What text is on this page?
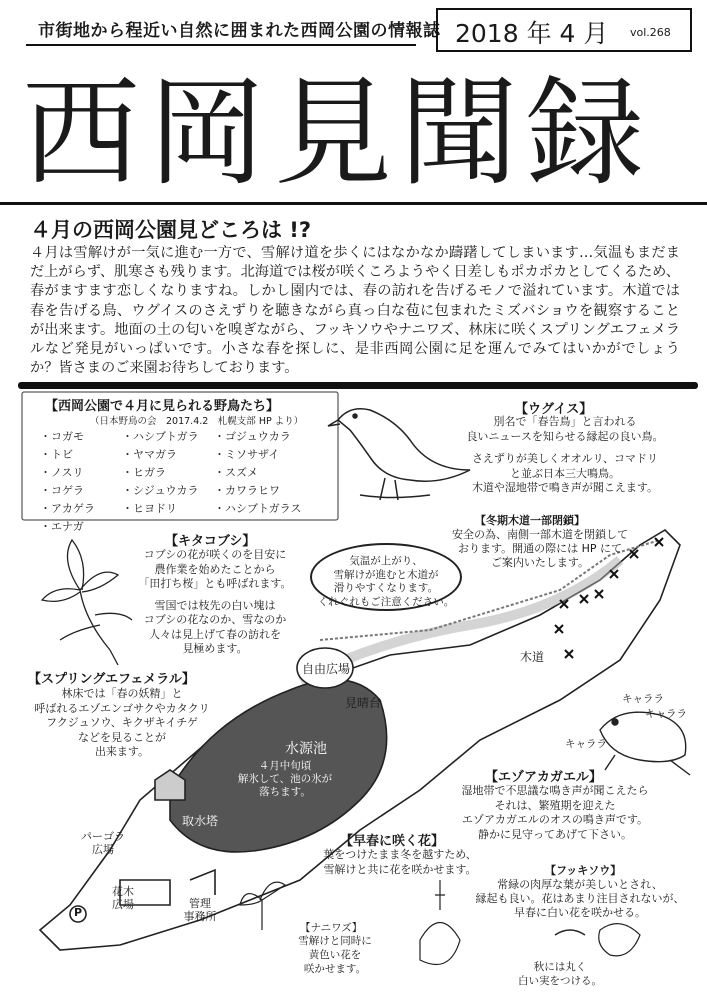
市街地から程近い自然に囲まれた西岡公園の情報誌 2018 年 4 月 vol.268
西岡見聞録
４月の西岡公園見どころは !?
４月は雪解けが一気に進む一方で、雪解け道を歩くにはなかなか躊躇してしまいます…気温もまだまだ上がらず、肌寒さも残ります。北海道では桜が咲くころようやく日差しもポカポカとしてくるため、春がますます恋しくなりますね。しかし園内では、春の訪れを告げるモノで溢れています。木道では春を告げる鳥、ウグイスのさえずりを聴きながら真っ白な苞に包まれたミズバショウを観察することが出来ます。地面の土の匂いを嗅ぎながら、フッキソウやナニワズ、林床に咲くスプリングエフェメラルなど発見がいっぱいです。小さな春を探しに、是非西岡公園に足を運んでみてはいかがでしょうか？皆さまのご来園お待ちしております。
【西岡公園で４月に見られる野鳥たち】
（日本野鳥の会　2017.4.2　札幌支部 HP より）
・コガモ	・ハシブトガラ	・ゴジュウカラ
・トビ	・ヤマガラ	・ミソサザイ
・ノスリ	・ヒガラ	・スズメ
・コゲラ	・シジュウカラ	・カワラヒワ
・アカゲラ	・ヒヨドリ	・ハシブトガラス
・エナガ
【ウグイス】
別名で「春告鳥」と言われる
良いニュースを知らせる縁起の良い鳥。
さえずりが美しくオオルリ、コマドリ
と並ぶ日本三大鳴鳥。
木道や湿地帯で鳴き声が聞こえます。
【冬期木道一部閉鎖】
安全の為、南側一部木道を閉鎖して
おります。開通の際には HP にて
ご案内いたします。
気温が上がり、
雪解けが進むと木道が
滑りやすくなります。
くれぐれもご注意ください。
【キタコブシ】
コブシの花が咲くのを目安に
農作業を始めたことから
「田打ち桜」とも呼ばれます。
雪国では枝先の白い塊は
コブシの花なのか、雪なのか
人々は見上げて春の訪れを
見極めます。
【スプリングエフェメラル】
林床では「春の妖精」と
呼ばれるエゾエンゴサクやカタクリ
フクジュソウ、キクザキイチゲ
などを見ることが
出来ます。
自由広場
見晴台
水源池
４月中旬頃
解氷して、池の氷が
落ちます。
取水塔
木道
パーゴラ
広場
花木
広場	管理
事務所
P
キャララ
キャララ
キャララ
【エゾアカガエル】
湿地帯で不思議な鳴き声が聞こえたら
それは、繁殖期を迎えた
エゾアカガエルのオスの鳴き声です。
静かに見守ってあげて下さい。
【早春に咲く花】
葉をつけたまま冬を越すため、
雪解けと共に花を咲かせます。	【フッキソウ】
常緑の肉厚な葉が美しいとされ、
縁起も良い。花はあまり注目されないが、
早春に白い花を咲かせる。
【ナニワズ】
雪解けと同時に
黄色い花を
咲かせます。	秋には丸く
白い実をつける。
